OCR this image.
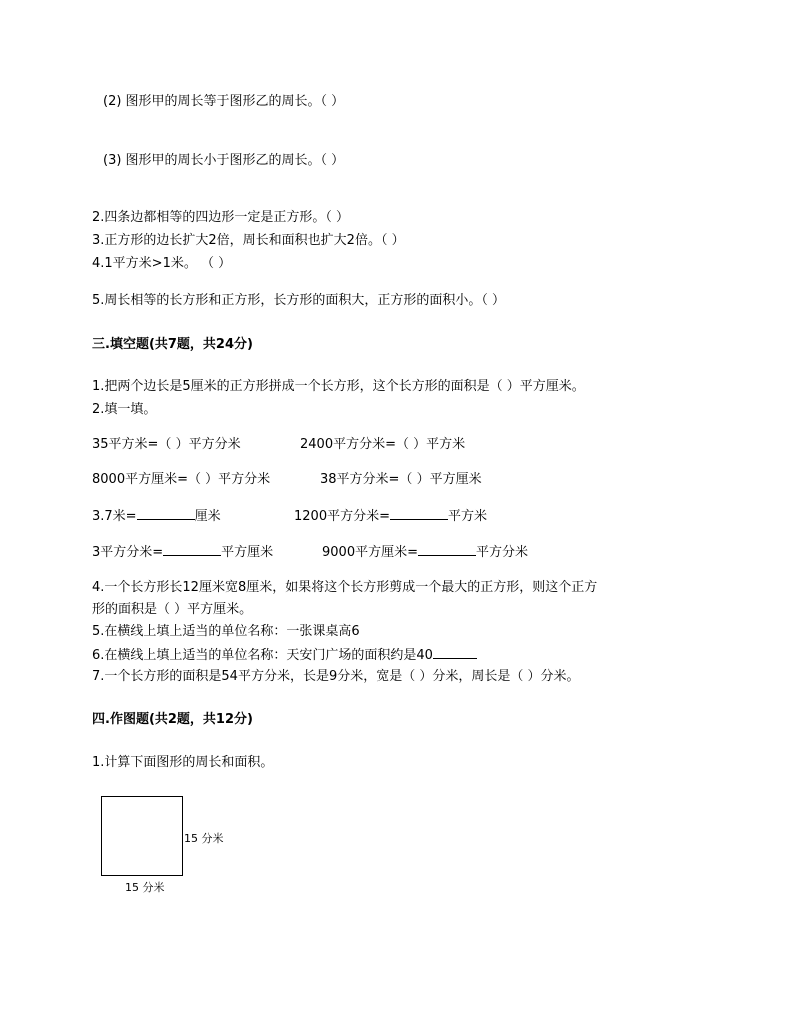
(2) 图形甲的周长等于图形乙的周长。（ ）
(3) 图形甲的周长小于图形乙的周长。（ ）
2.四条边都相等的四边形一定是正方形。（ ）
3.正方形的边长扩大2倍，周长和面积也扩大2倍。（ ）
4.1平方米>1米。 （ ）
5.周长相等的长方形和正方形，长方形的面积大，正方形的面积小。（ ）
三.填空题(共7题，共24分)
1.把两个边长是5厘米的正方形拼成一个长方形，这个长方形的面积是（ ）平方厘米。
2.填一填。
35平方米=（ ）平方分米	2400平方分米=（ ）平方米
8000平方厘米=（ ）平方分米	38平方分米=（ ）平方厘米
3.7米=	厘米	1200平方分米=	平方米
3平方分米=	平方厘米	9000平方厘米=	平方分米
4.一个长方形长12厘米宽8厘米，如果将这个长方形剪成一个最大的正方形，则这个正方
形的面积是（ ）平方厘米。
5.在横线上填上适当的单位名称：一张课桌高6
6.在横线上填上适当的单位名称：天安门广场的面积约是40
7.一个长方形的面积是54平方分米，长是9分米，宽是（ ）分米，周长是（ ）分米。
四.作图题(共2题，共12分)
1.计算下面图形的周长和面积。
15 分米
15 分米
